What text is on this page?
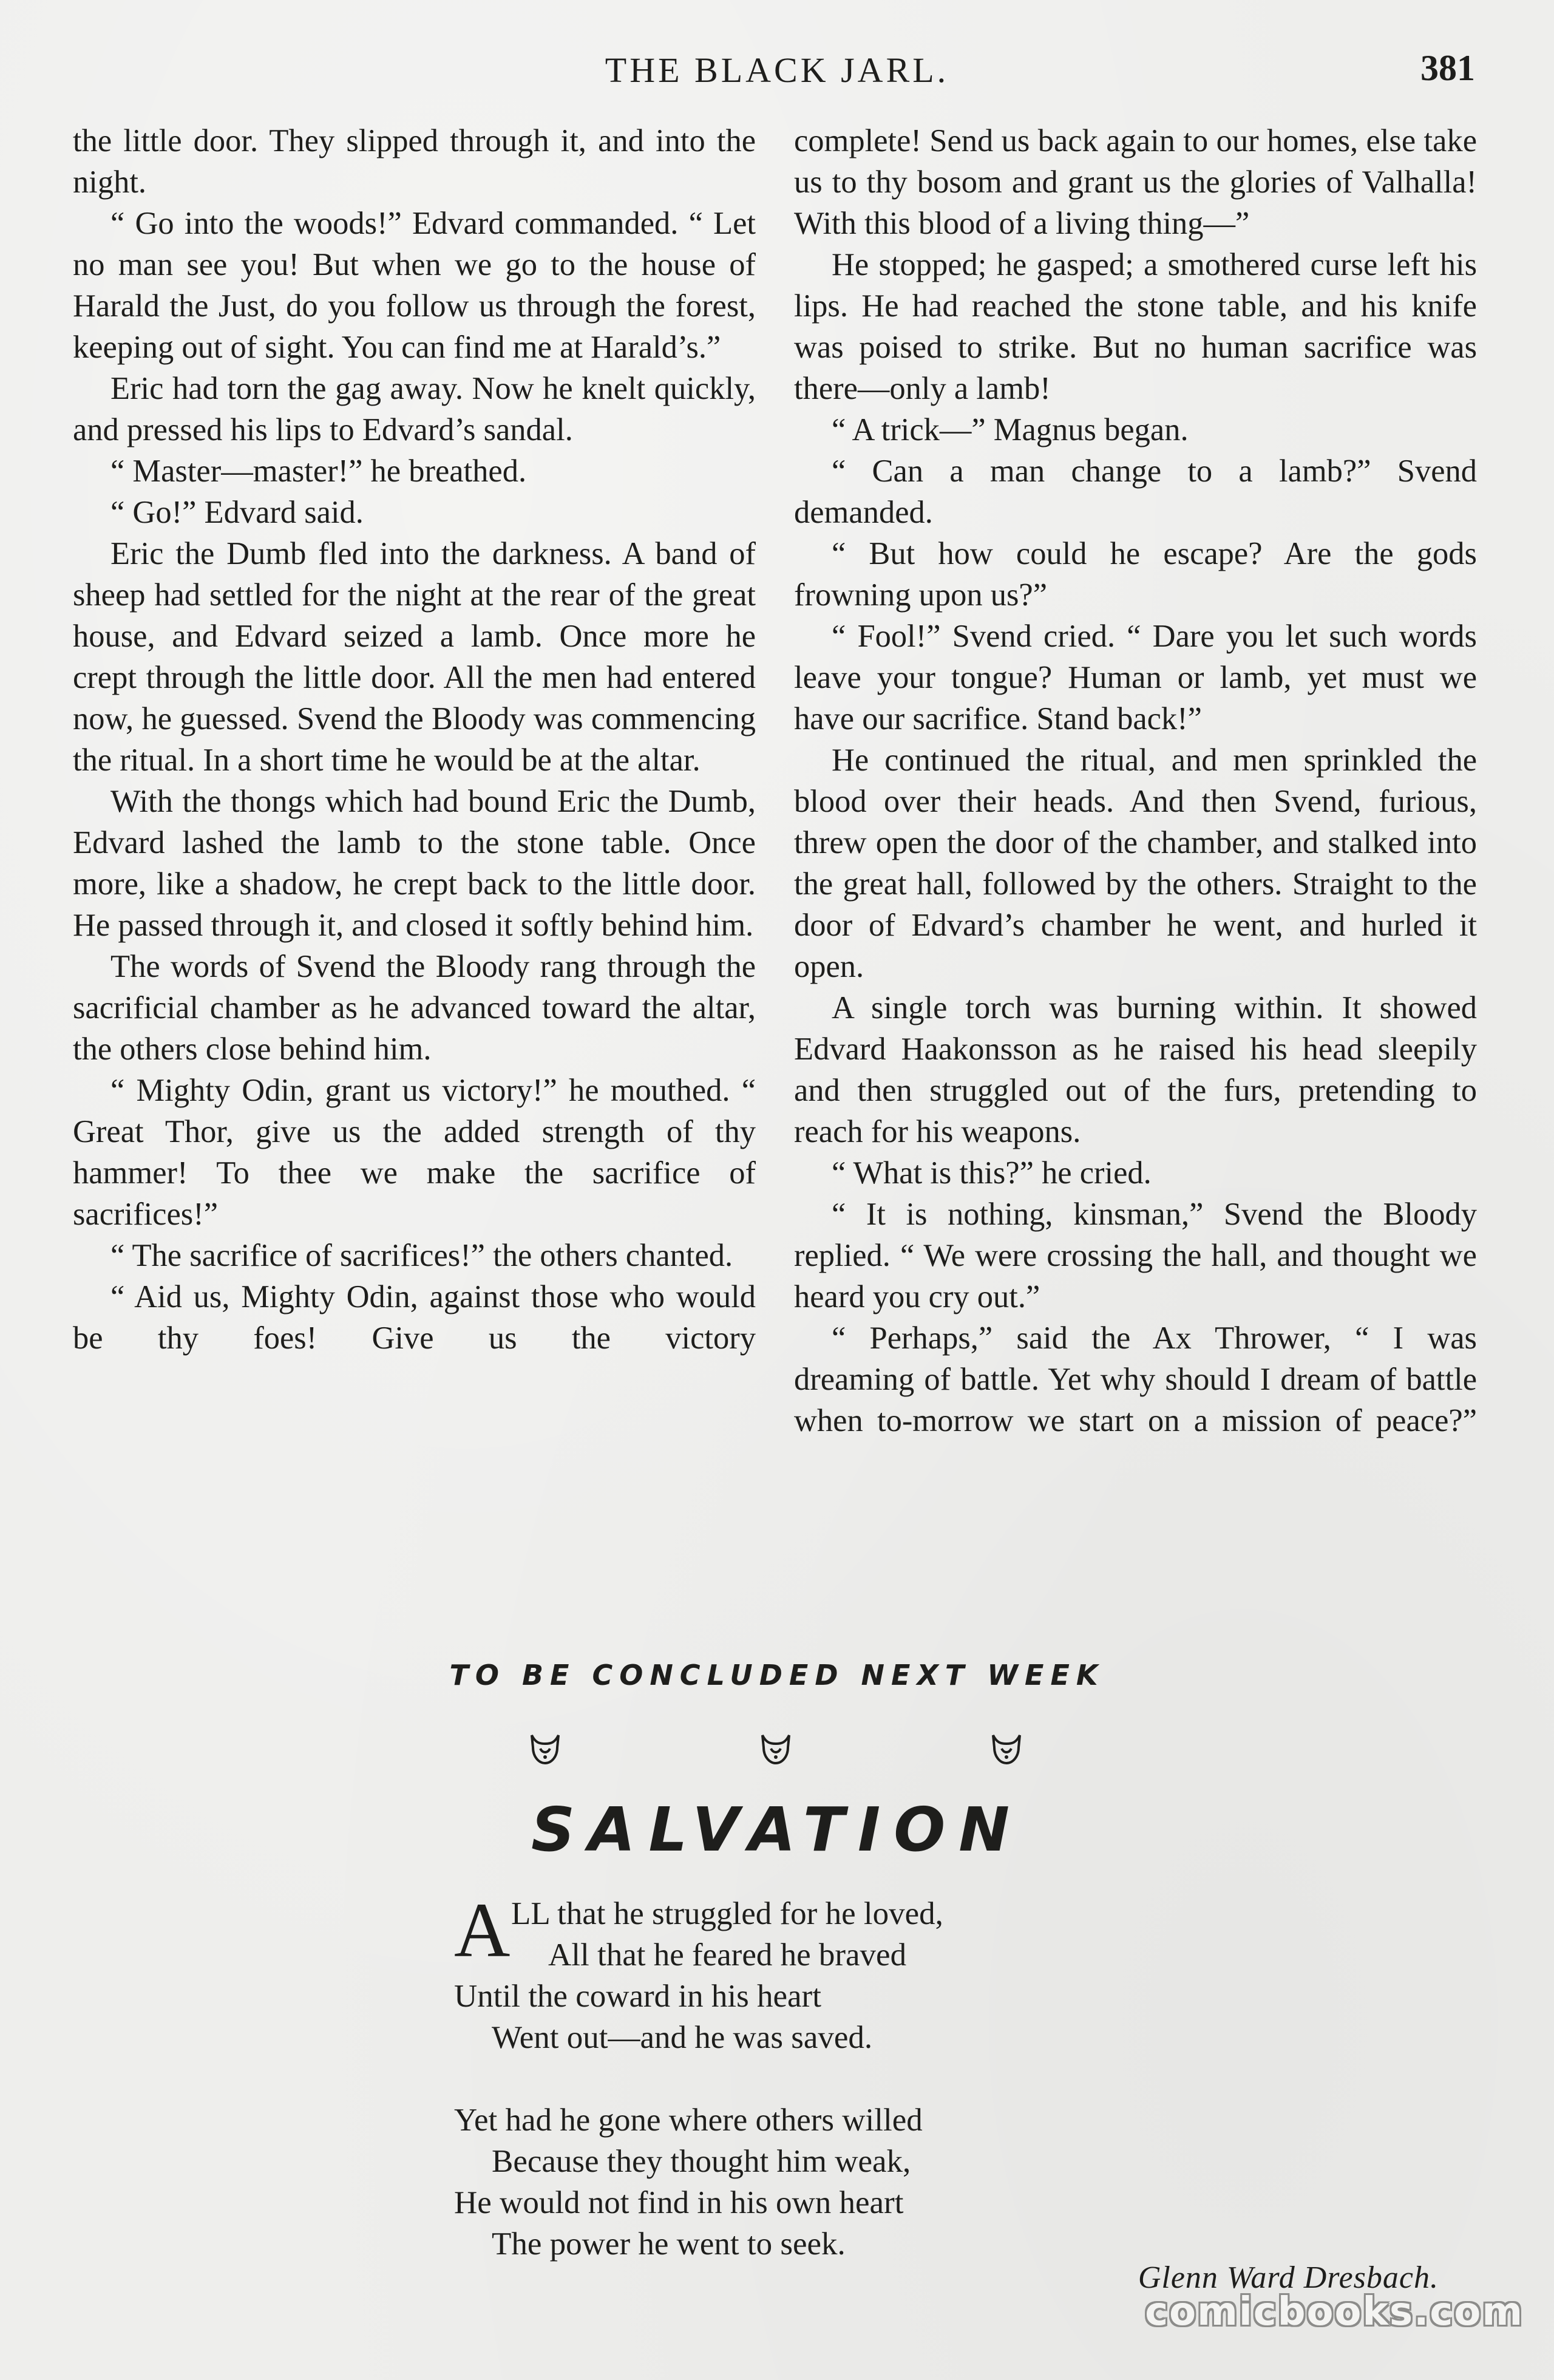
THE BLACK JARL.	381

the little door. They slipped through it, and into the night.

“ Go into the woods!” Edvard commanded. “ Let no man see you! But when we go to the house of Harald the Just, do you follow us through the forest, keeping out of sight. You can find me at Harald’s.”

Eric had torn the gag away. Now he knelt quickly, and pressed his lips to Edvard’s sandal.

“ Master—master!” he breathed.

“ Go!” Edvard said.

Eric the Dumb fled into the darkness. A band of sheep had settled for the night at the rear of the great house, and Edvard seized a lamb. Once more he crept through the little door. All the men had entered now, he guessed. Svend the Bloody was commencing the ritual. In a short time he would be at the altar.

With the thongs which had bound Eric the Dumb, Edvard lashed the lamb to the stone table. Once more, like a shadow, he crept back to the little door. He passed through it, and closed it softly behind him.

The words of Svend the Bloody rang through the sacrificial chamber as he advanced toward the altar, the others close behind him.

“ Mighty Odin, grant us victory!” he mouthed. “ Great Thor, give us the added strength of thy hammer! To thee we make the sacrifice of sacrifices!”

“ The sacrifice of sacrifices!” the others chanted.

“ Aid us, Mighty Odin, against those who would be thy foes! Give us the victory

complete! Send us back again to our homes, else take us to thy bosom and grant us the glories of Valhalla! With this blood of a living thing—”

He stopped; he gasped; a smothered curse left his lips. He had reached the stone table, and his knife was poised to strike. But no human sacrifice was there—only a lamb!

“ A trick—” Magnus began.

“ Can a man change to a lamb?” Svend demanded.

“ But how could he escape? Are the gods frowning upon us?”

“ Fool!” Svend cried. “ Dare you let such words leave your tongue? Human or lamb, yet must we have our sacrifice. Stand back!”

He continued the ritual, and men sprinkled the blood over their heads. And then Svend, furious, threw open the door of the chamber, and stalked into the great hall, followed by the others. Straight to the door of Edvard’s chamber he went, and hurled it open.

A single torch was burning within. It showed Edvard Haakonsson as he raised his head sleepily and then struggled out of the furs, pretending to reach for his weapons.

“ What is this?” he cried.

“ It is nothing, kinsman,” Svend the Bloody replied. “ We were crossing the hall, and thought we heard you cry out.”

“ Perhaps,” said the Ax Thrower, “ I was dreaming of battle. Yet why should I dream of battle when to-morrow we start on a mission of peace?”

TO BE CONCLUDED NEXT WEEK
SALVATION
A LL that he struggled for he loved,
All that he feared he braved
Until the coward in his heart
Went out—and he was saved.
Yet had he gone where others willed
Because they thought him weak,
He would not find in his own heart
The power he went to seek.
Glenn Ward Dresbach.
comicbooks.com
